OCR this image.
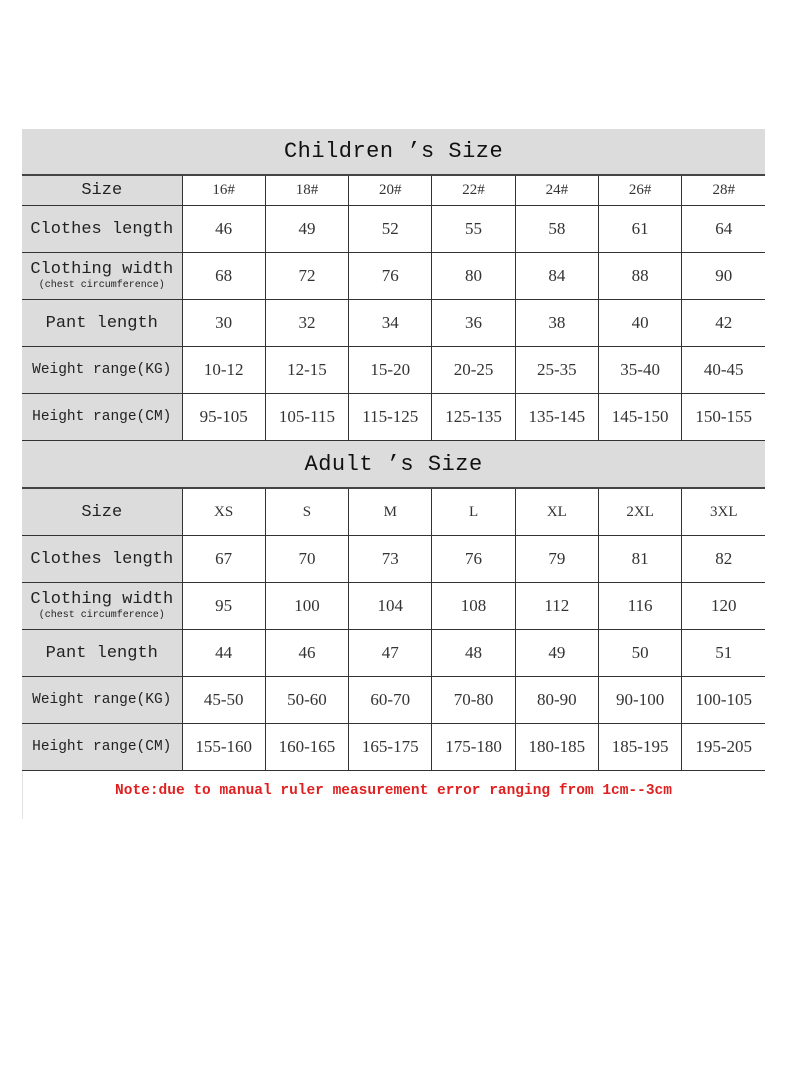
Children ’s Size							
Size	16#	18#	20#	22#	24#	26#	28#
Clothes length	46	49	52	55	58	61	64

Clothing width
(chest circumference)	68	72	76	80	84	88	90
Pant length	30	32	34	36	38	40	42
Weight range(KG)	10-12	12-15	15-20	20-25	25-35	35-40	40-45
Height range(CM)	95-105	105-115	115-125	125-135	135-145	145-150	150-155
Adult ’s Size							
Size	XS	S	M	L	XL	2XL	3XL
Clothes length	67	70	73	76	79	81	82

Clothing width
(chest circumference)	95	100	104	108	112	116	120
Pant length	44	46	47	48	49	50	51
Weight range(KG)	45-50	50-60	60-70	70-80	80-90	90-100	100-105
Height range(CM)	155-160	160-165	165-175	175-180	180-185	185-195	195-205
Note:due to manual ruler measurement error ranging from 1cm--3cm
